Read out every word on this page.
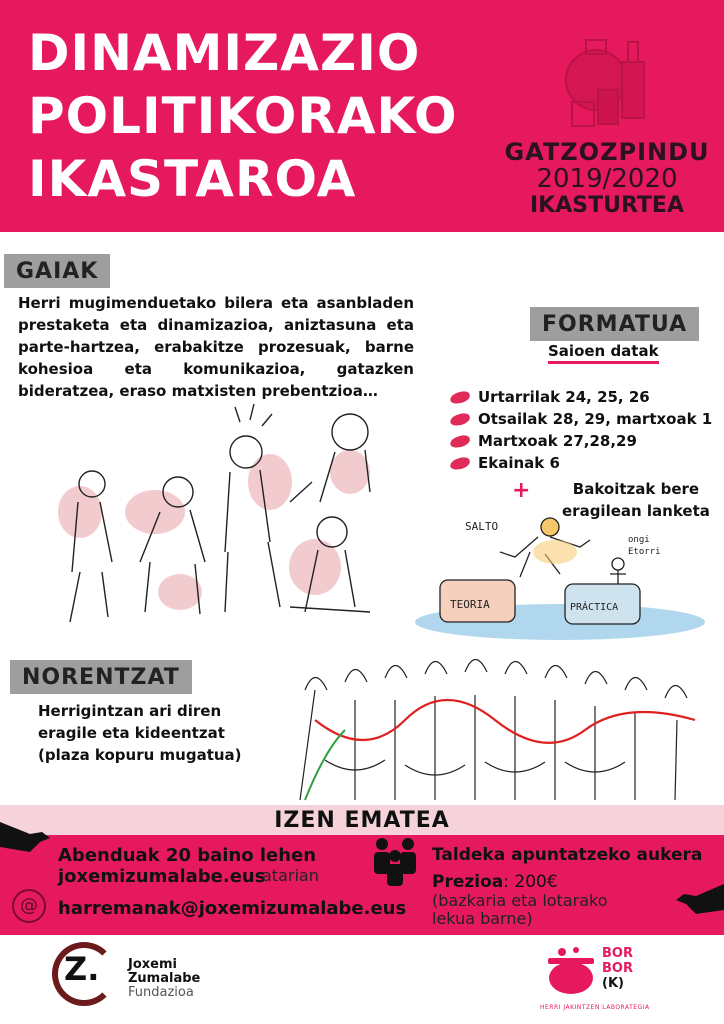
DINAMIZAZIO
POLITIKORAKO
IKASTAROA	GATZOZPINDU
2019/2020
IKASTURTEA
GAIAK
Herri mugimenduetako bilera eta asanbladen prestaketa eta dinamizazioa, aniztasuna eta parte-hartzea, erabakitze prozesuak, barne kohesioa eta komunikazioa, gatazken bideratzea, eraso matxisten prebentzioa…
FORMATUA
Saioen datak
Urtarrilak 24, 25, 26
Otsailak 28, 29, martxoak 1
Martxoak 27,28,29
Ekainak 6
+	Bakoitzak bere
eragilean lanketa
SALTO
TEORIA	PRÁCTICA
ongi
Etorri
NORENTZAT
Herrigintzan ari diren
eragile eta kideentzat
(plaza kopuru mugatua)
IZEN EMATEA
Abenduak 20 baino lehen
joxemizumalabe.eus
atarian
@	harremanak@joxemizumalabe.eus
Taldeka apuntatzeko aukera
Prezioa: 200€
(bazkaria eta lotarako
lekua barne)
Z. Joxemi
Zumalabe
Fundazioa
BOR
BOR
(K)
HERRI JAKINTZEN LABORATEGIA
